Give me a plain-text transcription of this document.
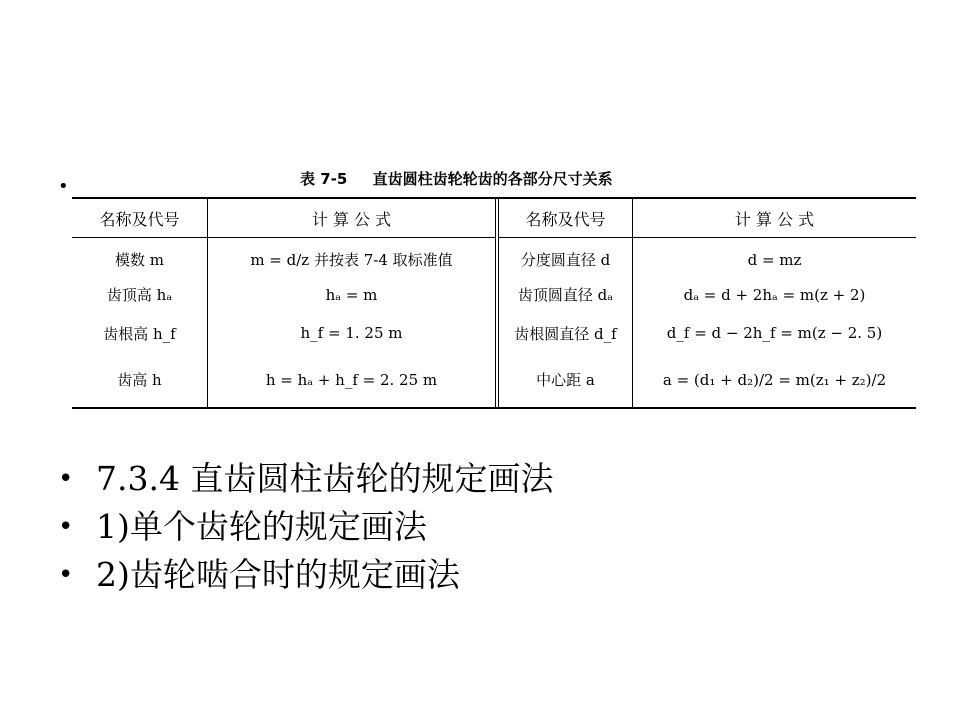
•	表 7-5 直齿圆柱齿轮轮齿的各部分尺寸关系
名称及代号	计 算 公 式	名称及代号	计 算 公 式
模数 m	m = d/z 并按表 7-4 取标准值	分度圆直径 d	d = mz
齿顶高 hₐ	hₐ = m	齿顶圆直径 dₐ	dₐ = d + 2hₐ = m(z + 2)
齿根高 h_f	h_f = 1. 25 m	齿根圆直径 d_f	d_f = d − 2h_f = m(z − 2. 5)
齿高 h	h = hₐ + h_f = 2. 25 m	中心距 a	a = (d₁ + d₂)/2 = m(z₁ + z₂)/2
• 7.3.4 直齿圆柱齿轮的规定画法
• 1)单个齿轮的规定画法
• 2)齿轮啮合时的规定画法
